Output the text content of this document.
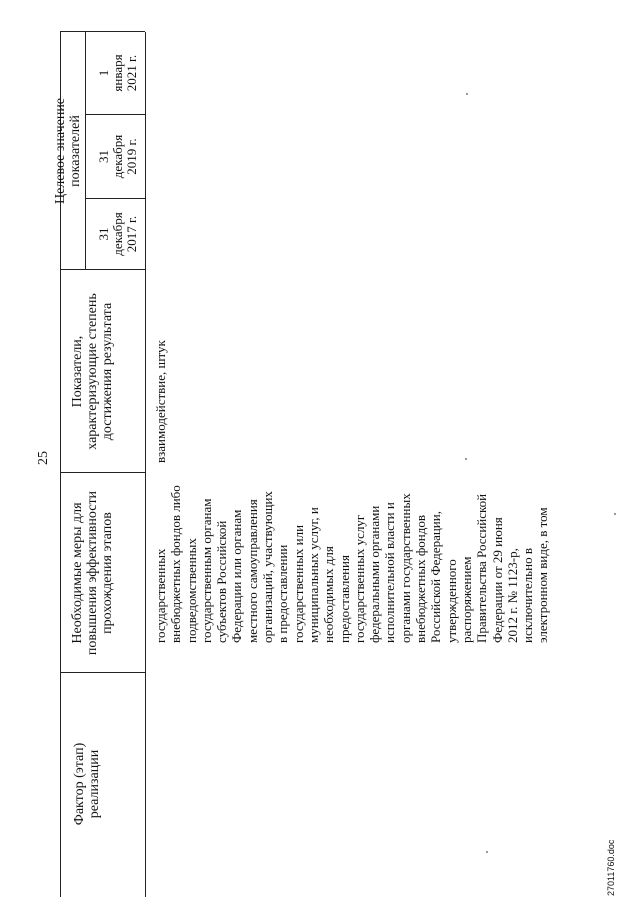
25
Фактор (этап)
реализации
Необходимые меры для
повышения эффективности
прохождения этапов
Показатели,
характеризующие степень
достижения результата
Целевое значение
показателей
31
декабря
2017 г.
31
декабря
2019 г.
1
января
2021 г.
государственных
внебюджетных фондов либо
подведомственных
государственным органам
субъектов Российской
Федерации или органам
местного самоуправления
организаций, участвующих
в предоставлении
государственных или
муниципальных услуг, и
необходимых для
предоставления
государственных услуг
федеральными органами
исполнительной власти и
органами государственных
внебюджетных фондов
Российской Федерации,
утвержденного
распоряжением
Правительства Российской
Федерации от 29 июня
2012 г. № 1123-р,
исключительно в
электронном виде, в том
взаимодействие, штук
27011760.doc
